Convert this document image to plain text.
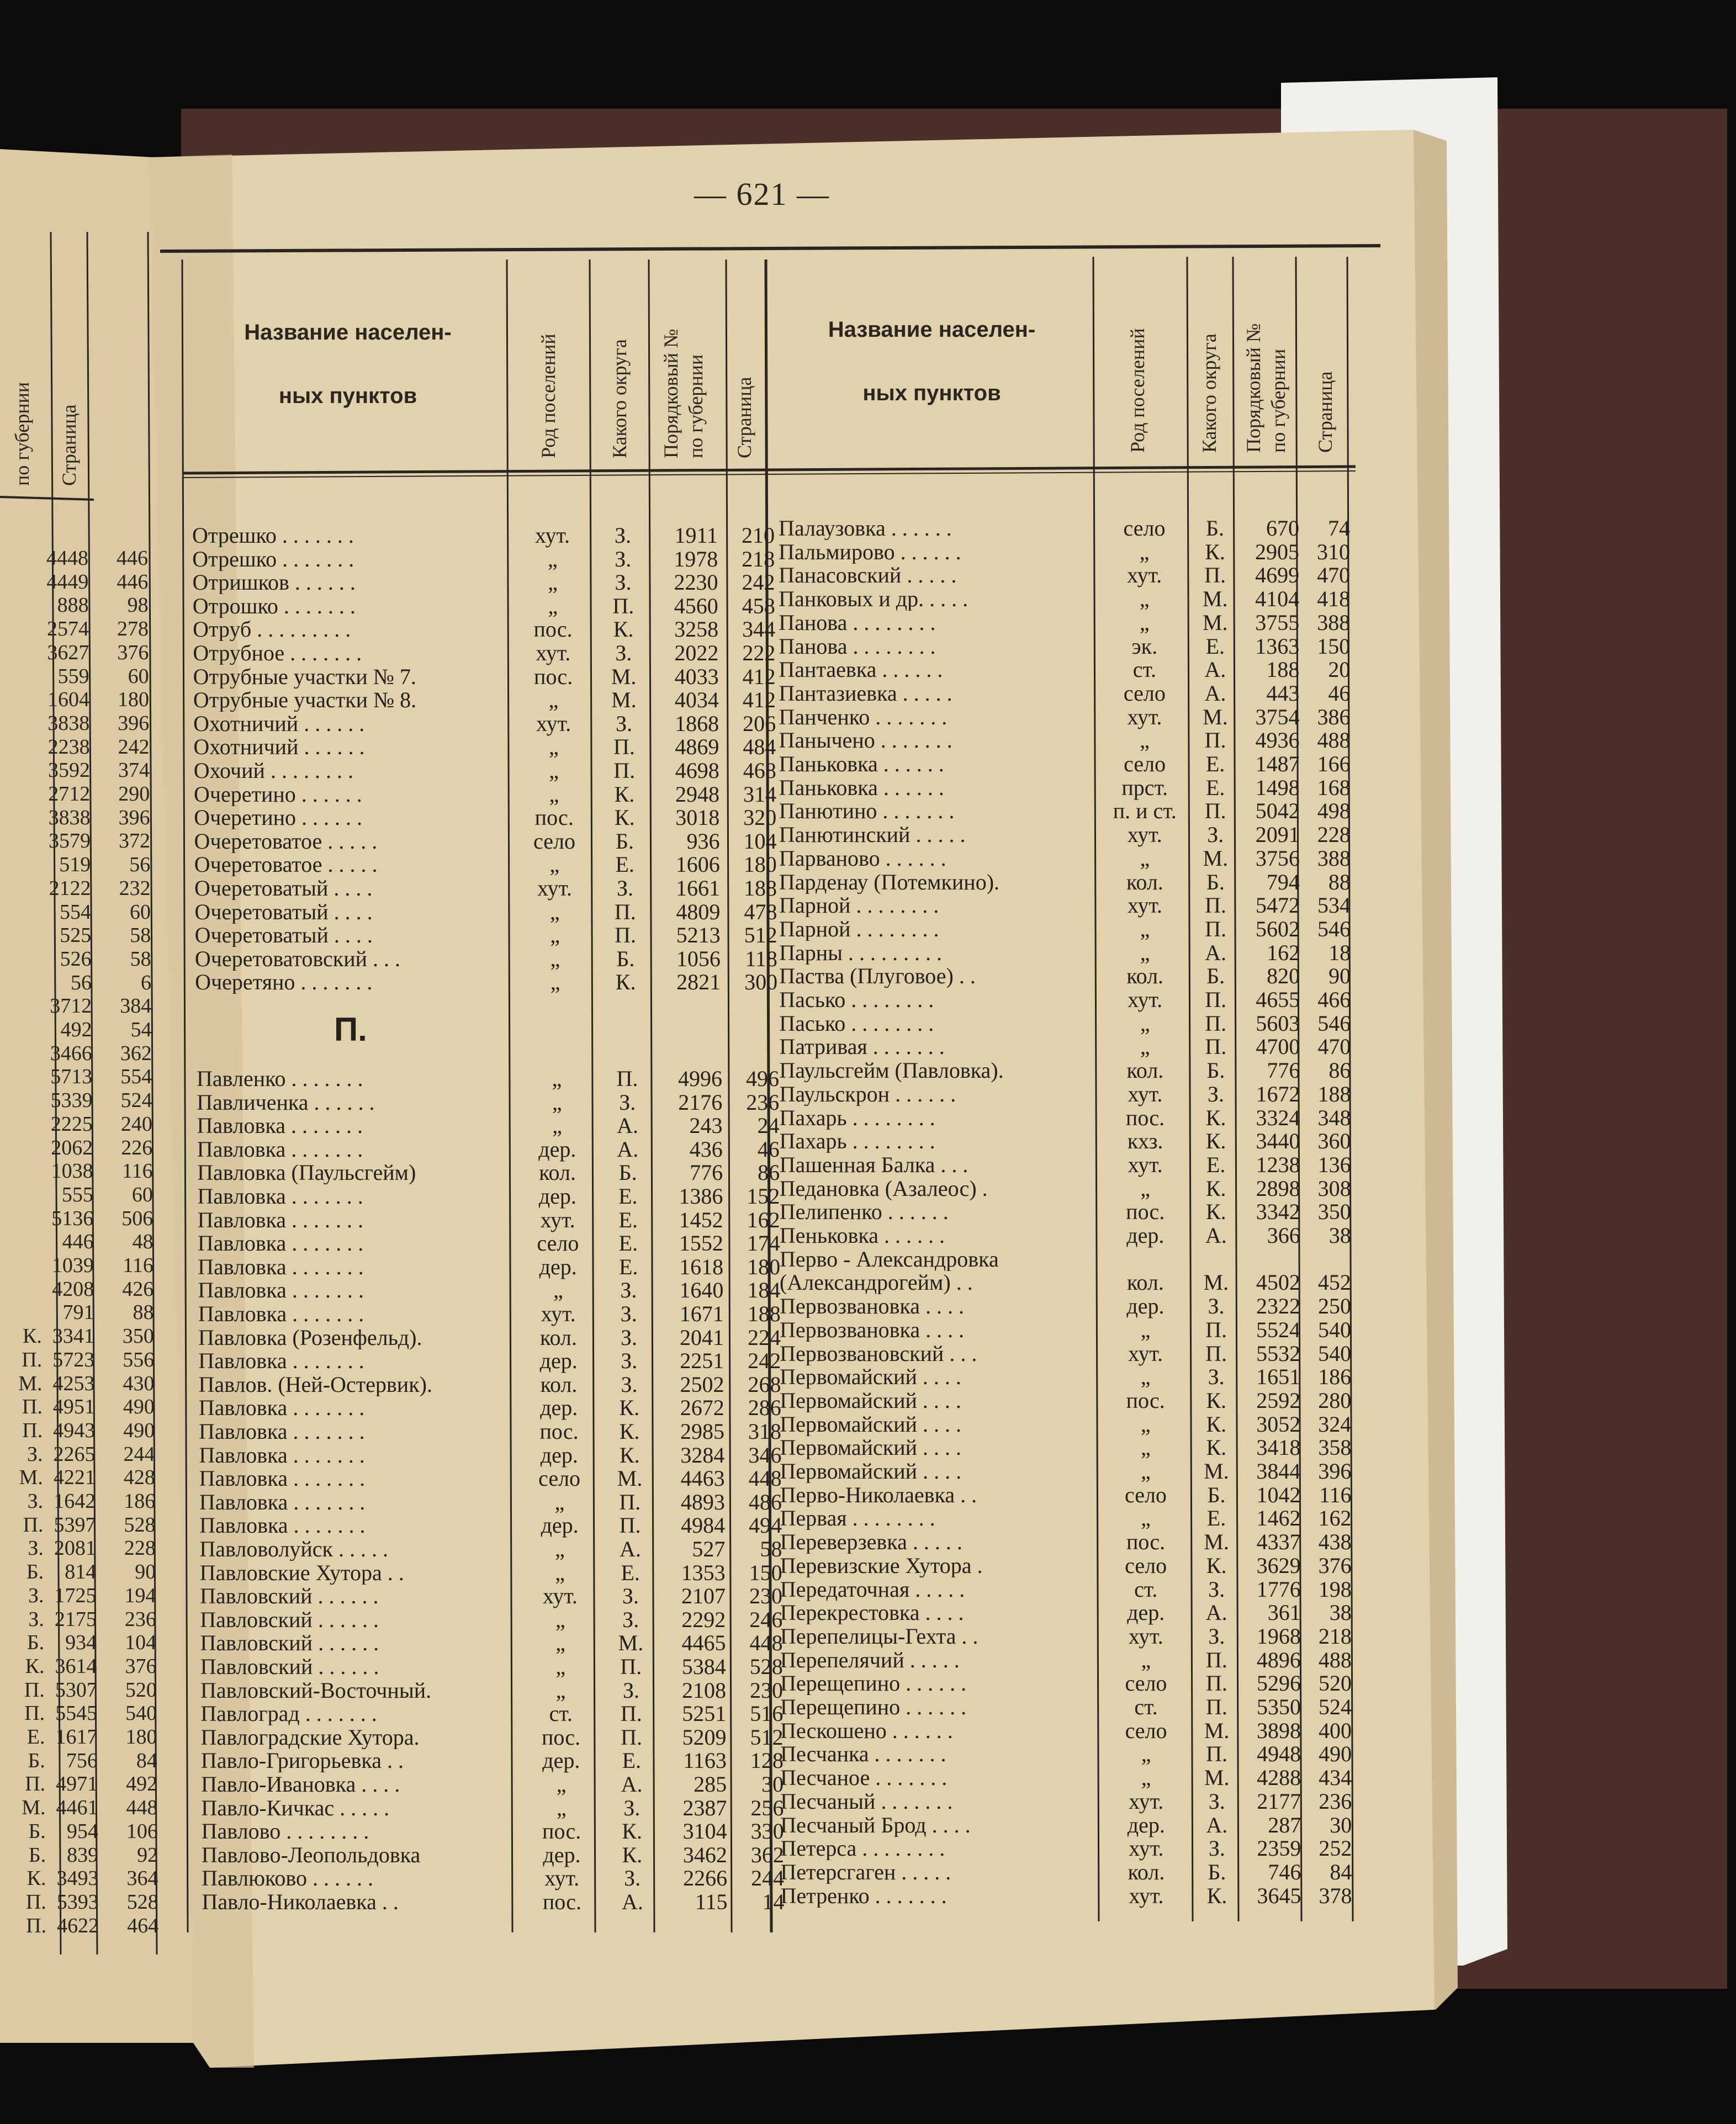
— 621 —
Название населен-
ных пунктов	Род поселений Какого округа Порядковый № по губернии Страница
Название населен-
ных пунктов	Род поселений	Какого округа Порядковый № по губернии Страница
по губернии Страница
П.
4448	446
4449	446
888	98
2574	278
3627	376
559	60
1604	180
3838	396
2238	242
3592	374
2712	290
3838	396
3579	372
519	56
2122	232
554	60
525	58
526	58
56	6
3712	384
492	54
3466	362
5713	554
5339	524
2225	240
2062	226
1038	116
555	60
5136	506
446	48
1039	116
4208	426
791	88
К. 3341	350
П. 5723	556
М. 4253	430
П. 4951	490
П. 4943	490
З. 2265	244
М. 4221	428
З. 1642	186
П. 5397	528
З. 2081	228
Б.	814	90
З. 1725	194
З. 2175	236
Б.	934	104
К. 3614	376
П. 5307	520
П. 5545	540
Е. 1617	180
Б.	756	84
П. 4971	492
М. 4461	448
Б.	954	106
Б.	839	92
К. 3493	364
П. 5393	528
П. 4622	464
Отрешко . . . . . . .	хут.	З.	1911	210
Отрешко . . . . . . .	„	З.	1978	218
Отришков . . . . . .	„	З.	2230	242
Отрошко . . . . . . .	„	П.	4560	458
Отруб . . . . . . . . .	пос.	К.	3258	344
Отрубное . . . . . . .	хут.	З.	2022	222
Отрубные участки № 7.	пос.	М.	4033	412
Отрубные участки № 8.	„	М.	4034	412
Охотничий . . . . . .	хут.	З.	1868	206
Охотничий . . . . . .	„	П.	4869	484
Охочий . . . . . . . .	„	П.	4698	468
Очеретино . . . . . .	„	К.	2948	314
Очеретино . . . . . .	пос.	К.	3018	320
Очеретоватое . . . . .	село	Б.	936	104
Очеретоватое . . . . .	„	Е.	1606	180
Очеретоватый . . . .	хут.	З.	1661	188
Очеретоватый . . . .	„	П.	4809	478
Очеретоватый . . . .	„	П.	5213	512
Очеретоватовский . . .	„	Б.	1056	118
Очеретяно . . . . . . .	„	К.	2821	300
Павленко . . . . . . .	„	П.	4996	496
Павличенка . . . . . .	„	З.	2176	236
Павловка . . . . . . .	„	А.	243	24
Павловка . . . . . . .	дер.	А.	436	46
Павловка (Паульсгейм)	кол.	Б.	776	86
Павловка . . . . . . .	дер.	Е.	1386	152
Павловка . . . . . . .	хут.	Е.	1452	162
Павловка . . . . . . .	село	Е.	1552	174
Павловка . . . . . . .	дер.	Е.	1618	180
Павловка . . . . . . .	„	З.	1640	184
Павловка . . . . . . .	хут.	З.	1671	188
Павловка (Розенфельд).	кол.	З.	2041	224
Павловка . . . . . . .	дер.	З.	2251	242
Павлов. (Ней-Остервик).	кол.	З.	2502	268
Павловка . . . . . . .	дер.	К.	2672	286
Павловка . . . . . . .	пос.	К.	2985	318
Павловка . . . . . . .	дер.	К.	3284	346
Павловка . . . . . . .	село	М.	4463	448
Павловка . . . . . . .	„	П.	4893	486
Павловка . . . . . . .	дер.	П.	4984	494
Павловолуйск . . . . .	„	А.	527	58
Павловские Хутора . .	„	Е.	1353	150
Павловский . . . . . .	хут.	З.	2107	230
Павловский . . . . . .	„	З.	2292	246
Павловский . . . . . .	„	М.	4465	448
Павловский . . . . . .	„	П.	5384	528
Павловский-Восточный.	„	З.	2108	230
Павлоград . . . . . . .	ст.	П.	5251	516
Павлоградские Хутора.	пос.	П.	5209	512
Павло-Григорьевка . .	дер.	Е.	1163	128
Павло-Ивановка . . . .	„	А.	285	30
Павло-Кичкас . . . . .	„	З.	2387	256
Павлово . . . . . . . .	пос.	К.	3104	330
Павлово-Леопольдовка	дер.	К.	3462	362
Павлюково . . . . . .	хут.	З.	2266	244
Павло-Николаевка . .	пос.	А.	115	14
Палаузовка . . . . . .	село	Б.	670	74
Пальмирово . . . . . .	„	К.	2905 310
Панасовский . . . . .	хут.	П.	4699 470
Панковых и др. . . . .	„	М.	4104 418
Панова . . . . . . . .	„	М.	3755 388
Панова . . . . . . . .	эк.	Е.	1363 150
Пантаевка . . . . . .	ст.	А.	188	20
Пантазиевка . . . . .	село	А.	443	46
Панченко . . . . . . .	хут.	М.	3754 386
Панычено . . . . . . .	„	П.	4936 488
Паньковка . . . . . .	село	Е.	1487 166
Паньковка . . . . . .	прст.	Е.	1498 168
Панютино . . . . . . .	п. и ст.	П.	5042 498
Панютинский . . . . .	хут.	З.	2091 228
Парваново . . . . . .	„	М.	3756 388
Парденау (Потемкино).	кол.	Б.	794	88
Парной . . . . . . . .	хут.	П.	5472 534
Парной . . . . . . . .	„	П.	5602 546
Парны . . . . . . . . .	„	А.	162	18
Паства (Плуговое) . .	кол.	Б.	820	90
Пасько . . . . . . . .	хут.	П.	4655 466
Пасько . . . . . . . .	„	П.	5603 546
Патривая . . . . . . .	„	П.	4700 470
Паульсгейм (Павловка).	кол.	Б.	776	86
Паульскрон . . . . . .	хут.	З.	1672 188
Пахарь . . . . . . . .	пос.	К.	3324 348
Пахарь . . . . . . . .	кхз.	К.	3440 360
Пашенная Балка . . .	хут.	Е.	1238 136
Педановка (Азалеос) .	„	К.	2898 308
Пелипенко . . . . . .	пос.	К.	3342 350
Пеньковка . . . . . .	дер.	А.	366	38
Перво - Александровка
(Александрогейм) . .	кол.	М.	4502 452
Первозвановка . . . .	дер.	З.	2322 250
Первозвановка . . . .	„	П.	5524 540
Первозвановский . . .	хут.	П.	5532 540
Первомайский . . . .	„	З.	1651 186
Первомайский . . . .	пос.	К.	2592 280
Первомайский . . . .	„	К.	3052 324
Первомайский . . . .	„	К.	3418 358
Первомайский . . . .	„	М.	3844 396
Перво-Николаевка . .	село	Б.	1042 116
Первая . . . . . . . .	„	Е.	1462 162
Переверзевка . . . . .	пос.	М.	4337 438
Перевизские Хутора .	село	К.	3629 376
Передаточная . . . . .	ст.	З.	1776 198
Перекрестовка . . . .	дер.	А.	361	38
Перепелицы-Гехта . .	хут.	З.	1968 218
Перепелячий . . . . .	„	П.	4896 488
Перещепино . . . . . .	село	П.	5296 520
Перещепино . . . . . .	ст.	П.	5350 524
Пескошено . . . . . .	село	М.	3898 400
Песчанка . . . . . . .	„	П.	4948 490
Песчаное . . . . . . .	„	М.	4288 434
Песчаный . . . . . . .	хут.	З.	2177 236
Песчаный Брод . . . .	дер.	А.	287	30
Петерса . . . . . . . .	хут.	З.	2359 252
Петерсгаген . . . . .	кол.	Б.	746	84
Петренко . . . . . . .	хут.	К.	3645 378
